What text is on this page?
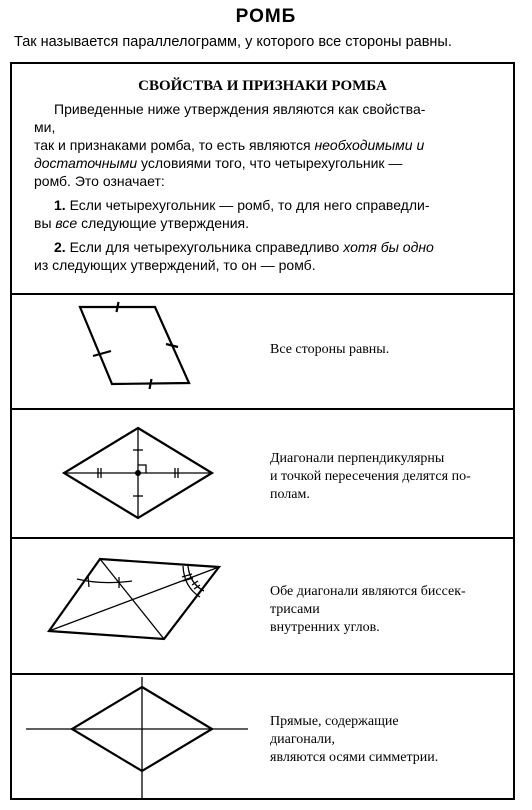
РОМБ
Так называется параллелограмм, у которого все стороны равны.
СВОЙСТВА И ПРИЗНАКИ РОМБА

Приведенные ниже утверждения являются как свойства-

ми,

так и признаками ромба, то есть являются необходимыми и

достаточными условиями того, что четырехугольник —

ромб. Это означает:

1. Если четырехугольник — ромб, то для него справедли-

вы все следующие утверждения.

2. Если для четырехугольника справедливо хотя бы одно

из следующих утверждений, то он — ромб.

Все стороны равны.
Диагонали перпендикулярны
и точкой пересечения делятся по-
полам.
Обе диагонали являются биссек-
трисами
внутренних углов.
Прямые, содержащие
диагонали,
являются осями симметрии.
